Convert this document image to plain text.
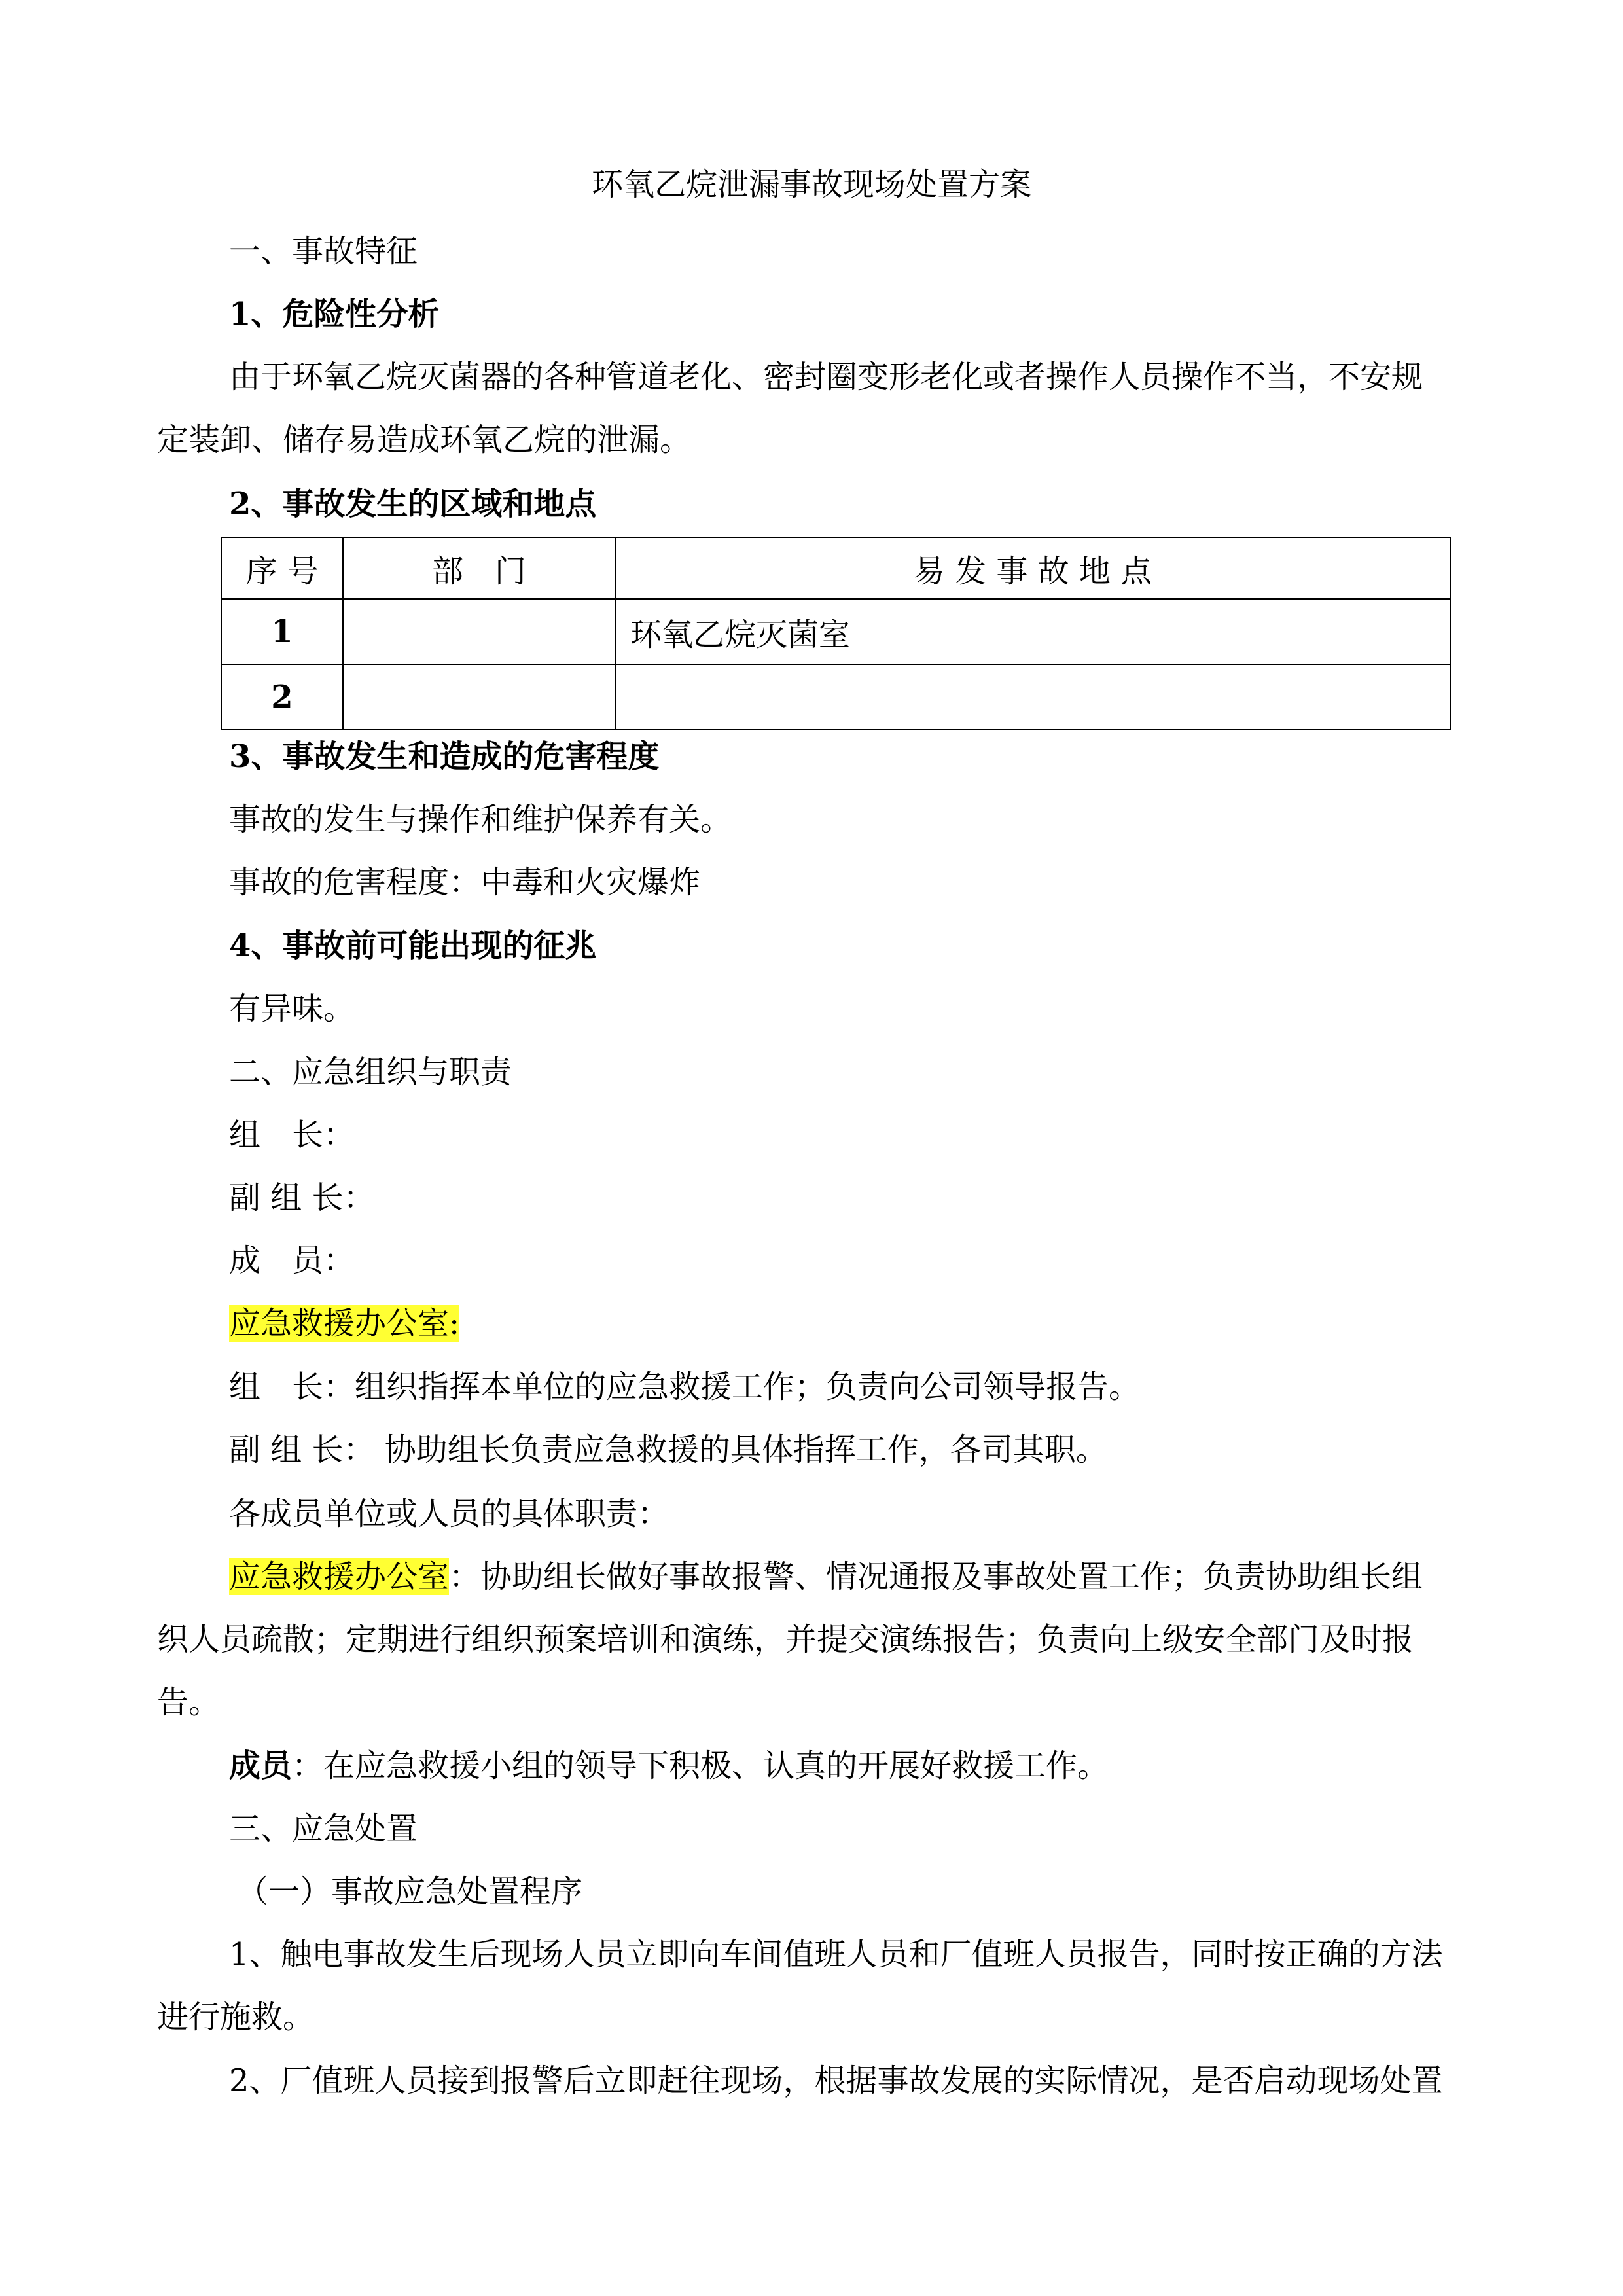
环氧乙烷泄漏事故现场处置方案
一、事故特征
1、危险性分析
由于环氧乙烷灭菌器的各种管道老化、密封圈变形老化或者操作人员操作不当，不安规
定装卸、储存易造成环氧乙烷的泄漏。
2、事故发生的区域和地点
序 号	部　门	易 发 事 故 地 点
1		环氧乙烷灭菌室
2		
3、事故发生和造成的危害程度
事故的发生与操作和维护保养有关。
事故的危害程度：中毒和火灾爆炸
4、事故前可能出现的征兆
有异味。
二、应急组织与职责
组　长：
副 组 长：
成　员：
应急救援办公室:
组　长：组织指挥本单位的应急救援工作；负责向公司领导报告。
副 组 长： 协助组长负责应急救援的具体指挥工作，各司其职。
各成员单位或人员的具体职责：
应急救援办公室：协助组长做好事故报警、情况通报及事故处置工作；负责协助组长组
织人员疏散；定期进行组织预案培训和演练，并提交演练报告；负责向上级安全部门及时报
告。
成员：在应急救援小组的领导下积极、认真的开展好救援工作。
三、应急处置
（一）事故应急处置程序
1、触电事故发生后现场人员立即向车间值班人员和厂值班人员报告，同时按正确的方法
进行施救。
2、厂值班人员接到报警后立即赶往现场，根据事故发展的实际情况，是否启动现场处置
